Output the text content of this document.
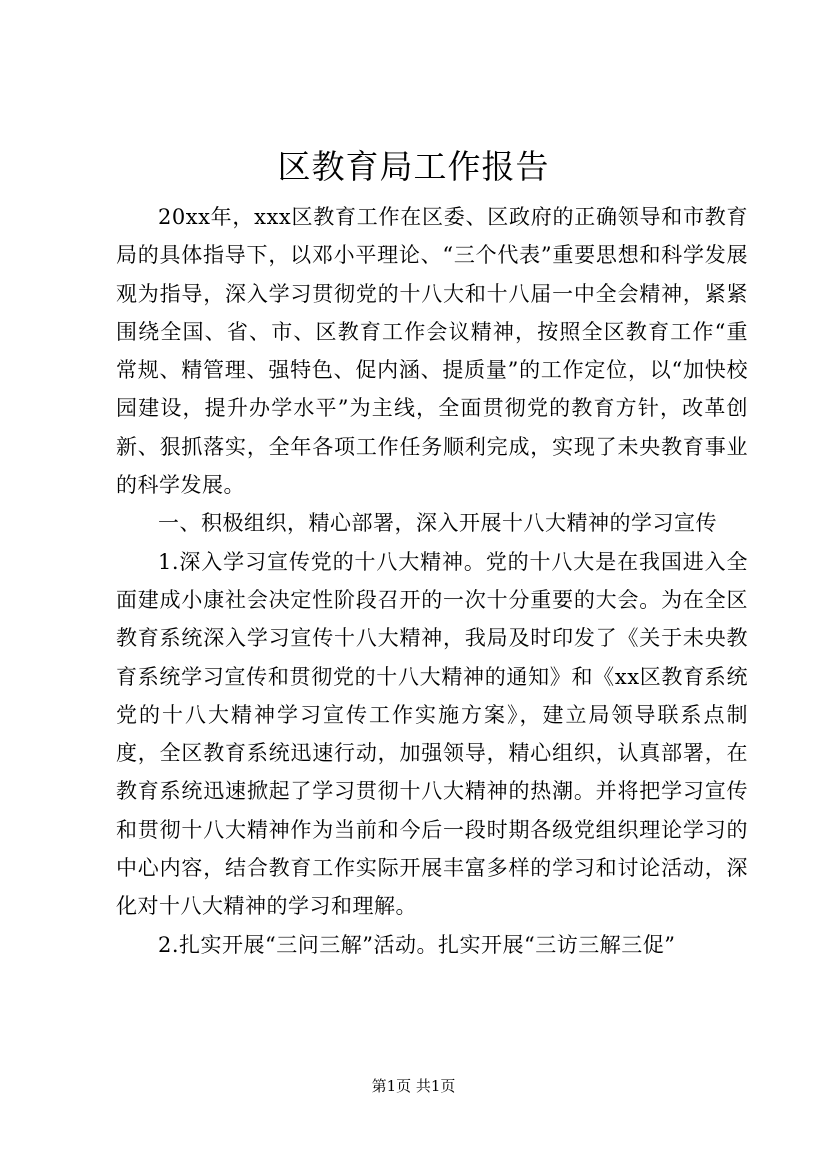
区教育局工作报告

20xx年，xxx区教育工作在区委、区政府的正确领导和市教育局的具体指导下，以邓小平理论、“三个代表”重要思想和科学发展观为指导，深入学习贯彻党的十八大和十八届一中全会精神，紧紧围绕全国、省、市、区教育工作会议精神，按照全区教育工作“重常规、精管理、强特色、促内涵、提质量”的工作定位，以“加快校园建设，提升办学水平”为主线，全面贯彻党的教育方针，改革创新、狠抓落实，全年各项工作任务顺利完成，实现了未央教育事业的科学发展。

一、积极组织，精心部署，深入开展十八大精神的学习宣传

1.深入学习宣传党的十八大精神。党的十八大是在我国进入全面建成小康社会决定性阶段召开的一次十分重要的大会。为在全区教育系统深入学习宣传十八大精神，我局及时印发了《关于未央教育系统学习宣传和贯彻党的十八大精神的通知》和《xx区教育系统党的十八大精神学习宣传工作实施方案》，建立局领导联系点制度，全区教育系统迅速行动，加强领导，精心组织，认真部署，在教育系统迅速掀起了学习贯彻十八大精神的热潮。并将把学习宣传和贯彻十八大精神作为当前和今后一段时期各级党组织理论学习的中心内容，结合教育工作实际开展丰富多样的学习和讨论活动，深化对十八大精神的学习和理解。

2.扎实开展“三问三解”活动。扎实开展“三访三解三促”

第1页 共1页
